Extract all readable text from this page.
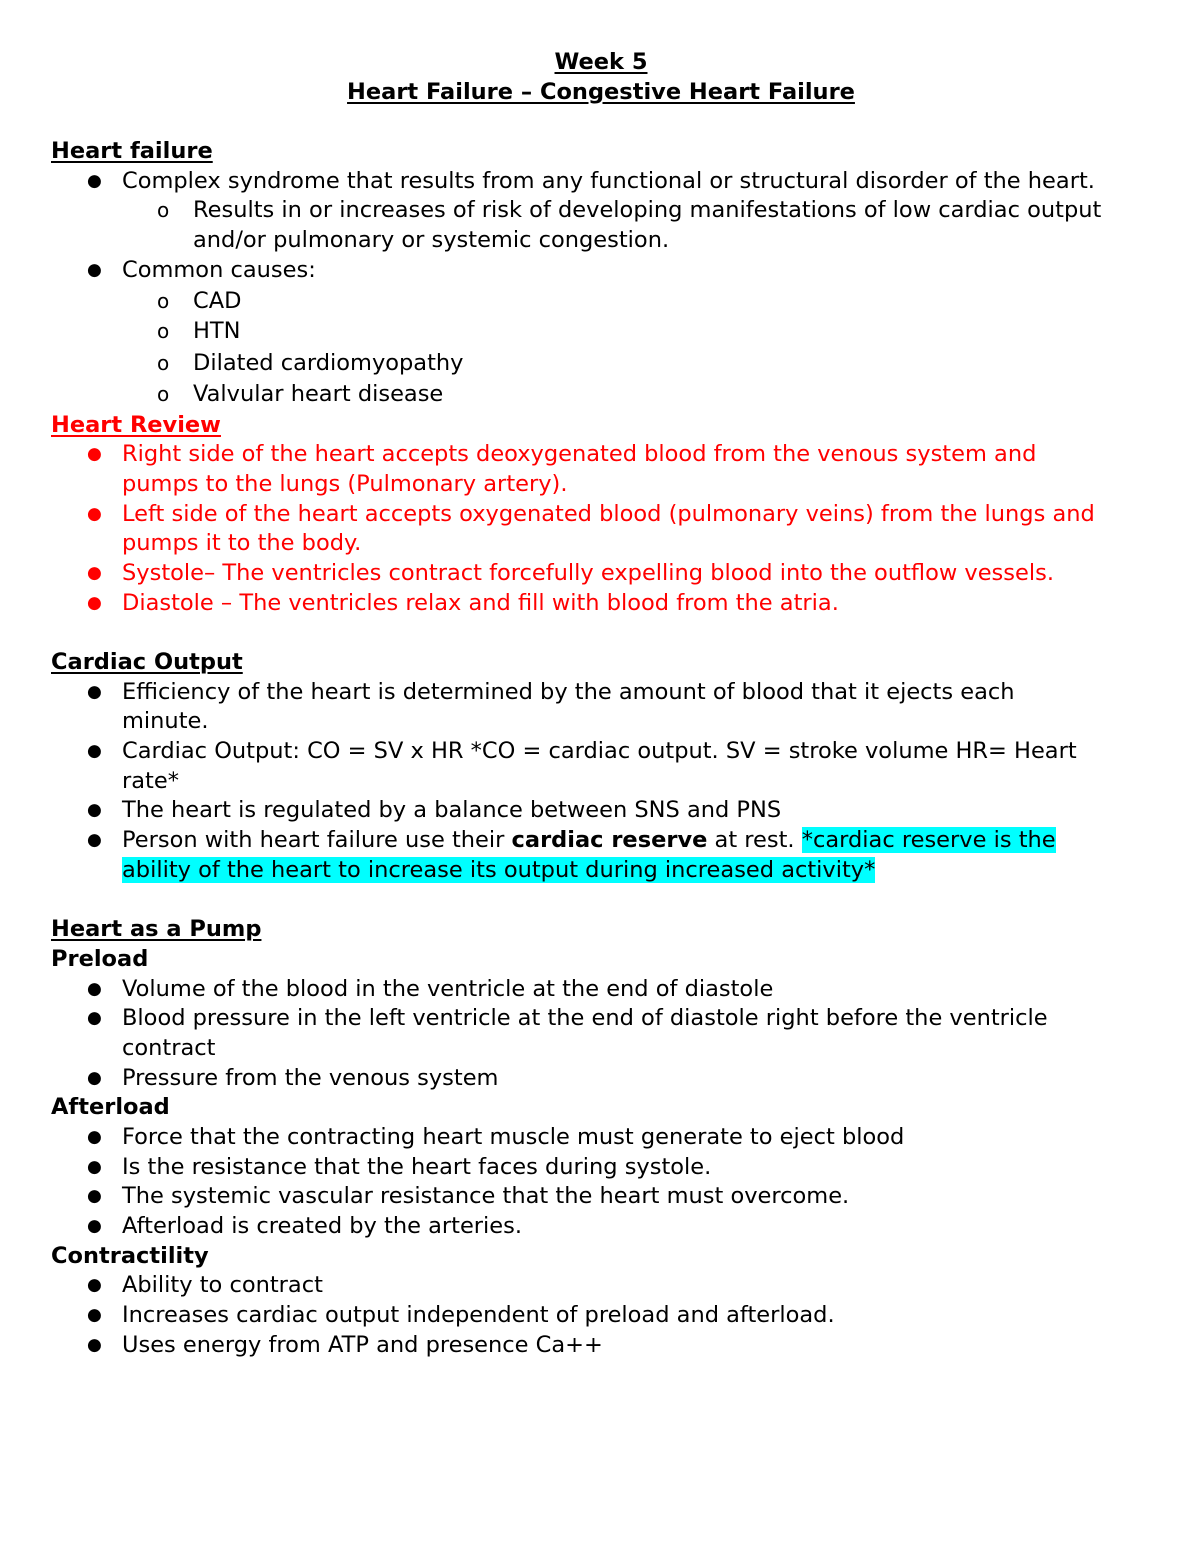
Week 5
Heart Failure – Congestive Heart Failure
Heart failure
● Complex syndrome that results from any functional or structural disorder of the heart.
o Results in or increases of risk of developing manifestations of low cardiac output
and/or pulmonary or systemic congestion.
● Common causes:
o CAD
o HTN
o Dilated cardiomyopathy
o Valvular heart disease
Heart Review
● Right side of the heart accepts deoxygenated blood from the venous system and
pumps to the lungs (Pulmonary artery).
● Left side of the heart accepts oxygenated blood (pulmonary veins) from the lungs and
pumps it to the body.
● Systole– The ventricles contract forcefully expelling blood into the outflow vessels.
● Diastole – The ventricles relax and fill with blood from the atria.
Cardiac Output
● Efficiency of the heart is determined by the amount of blood that it ejects each
minute.
● Cardiac Output: CO = SV x HR *CO = cardiac output. SV = stroke volume HR= Heart
rate*
● The heart is regulated by a balance between SNS and PNS
● Person with heart failure use their cardiac reserve at rest. *cardiac reserve is the
ability of the heart to increase its output during increased activity*
Heart as a Pump
Preload
● Volume of the blood in the ventricle at the end of diastole
● Blood pressure in the left ventricle at the end of diastole right before the ventricle
contract
● Pressure from the venous system
Afterload
● Force that the contracting heart muscle must generate to eject blood
● Is the resistance that the heart faces during systole.
● The systemic vascular resistance that the heart must overcome.
● Afterload is created by the arteries.
Contractility
● Ability to contract
● Increases cardiac output independent of preload and afterload.
● Uses energy from ATP and presence Ca++
